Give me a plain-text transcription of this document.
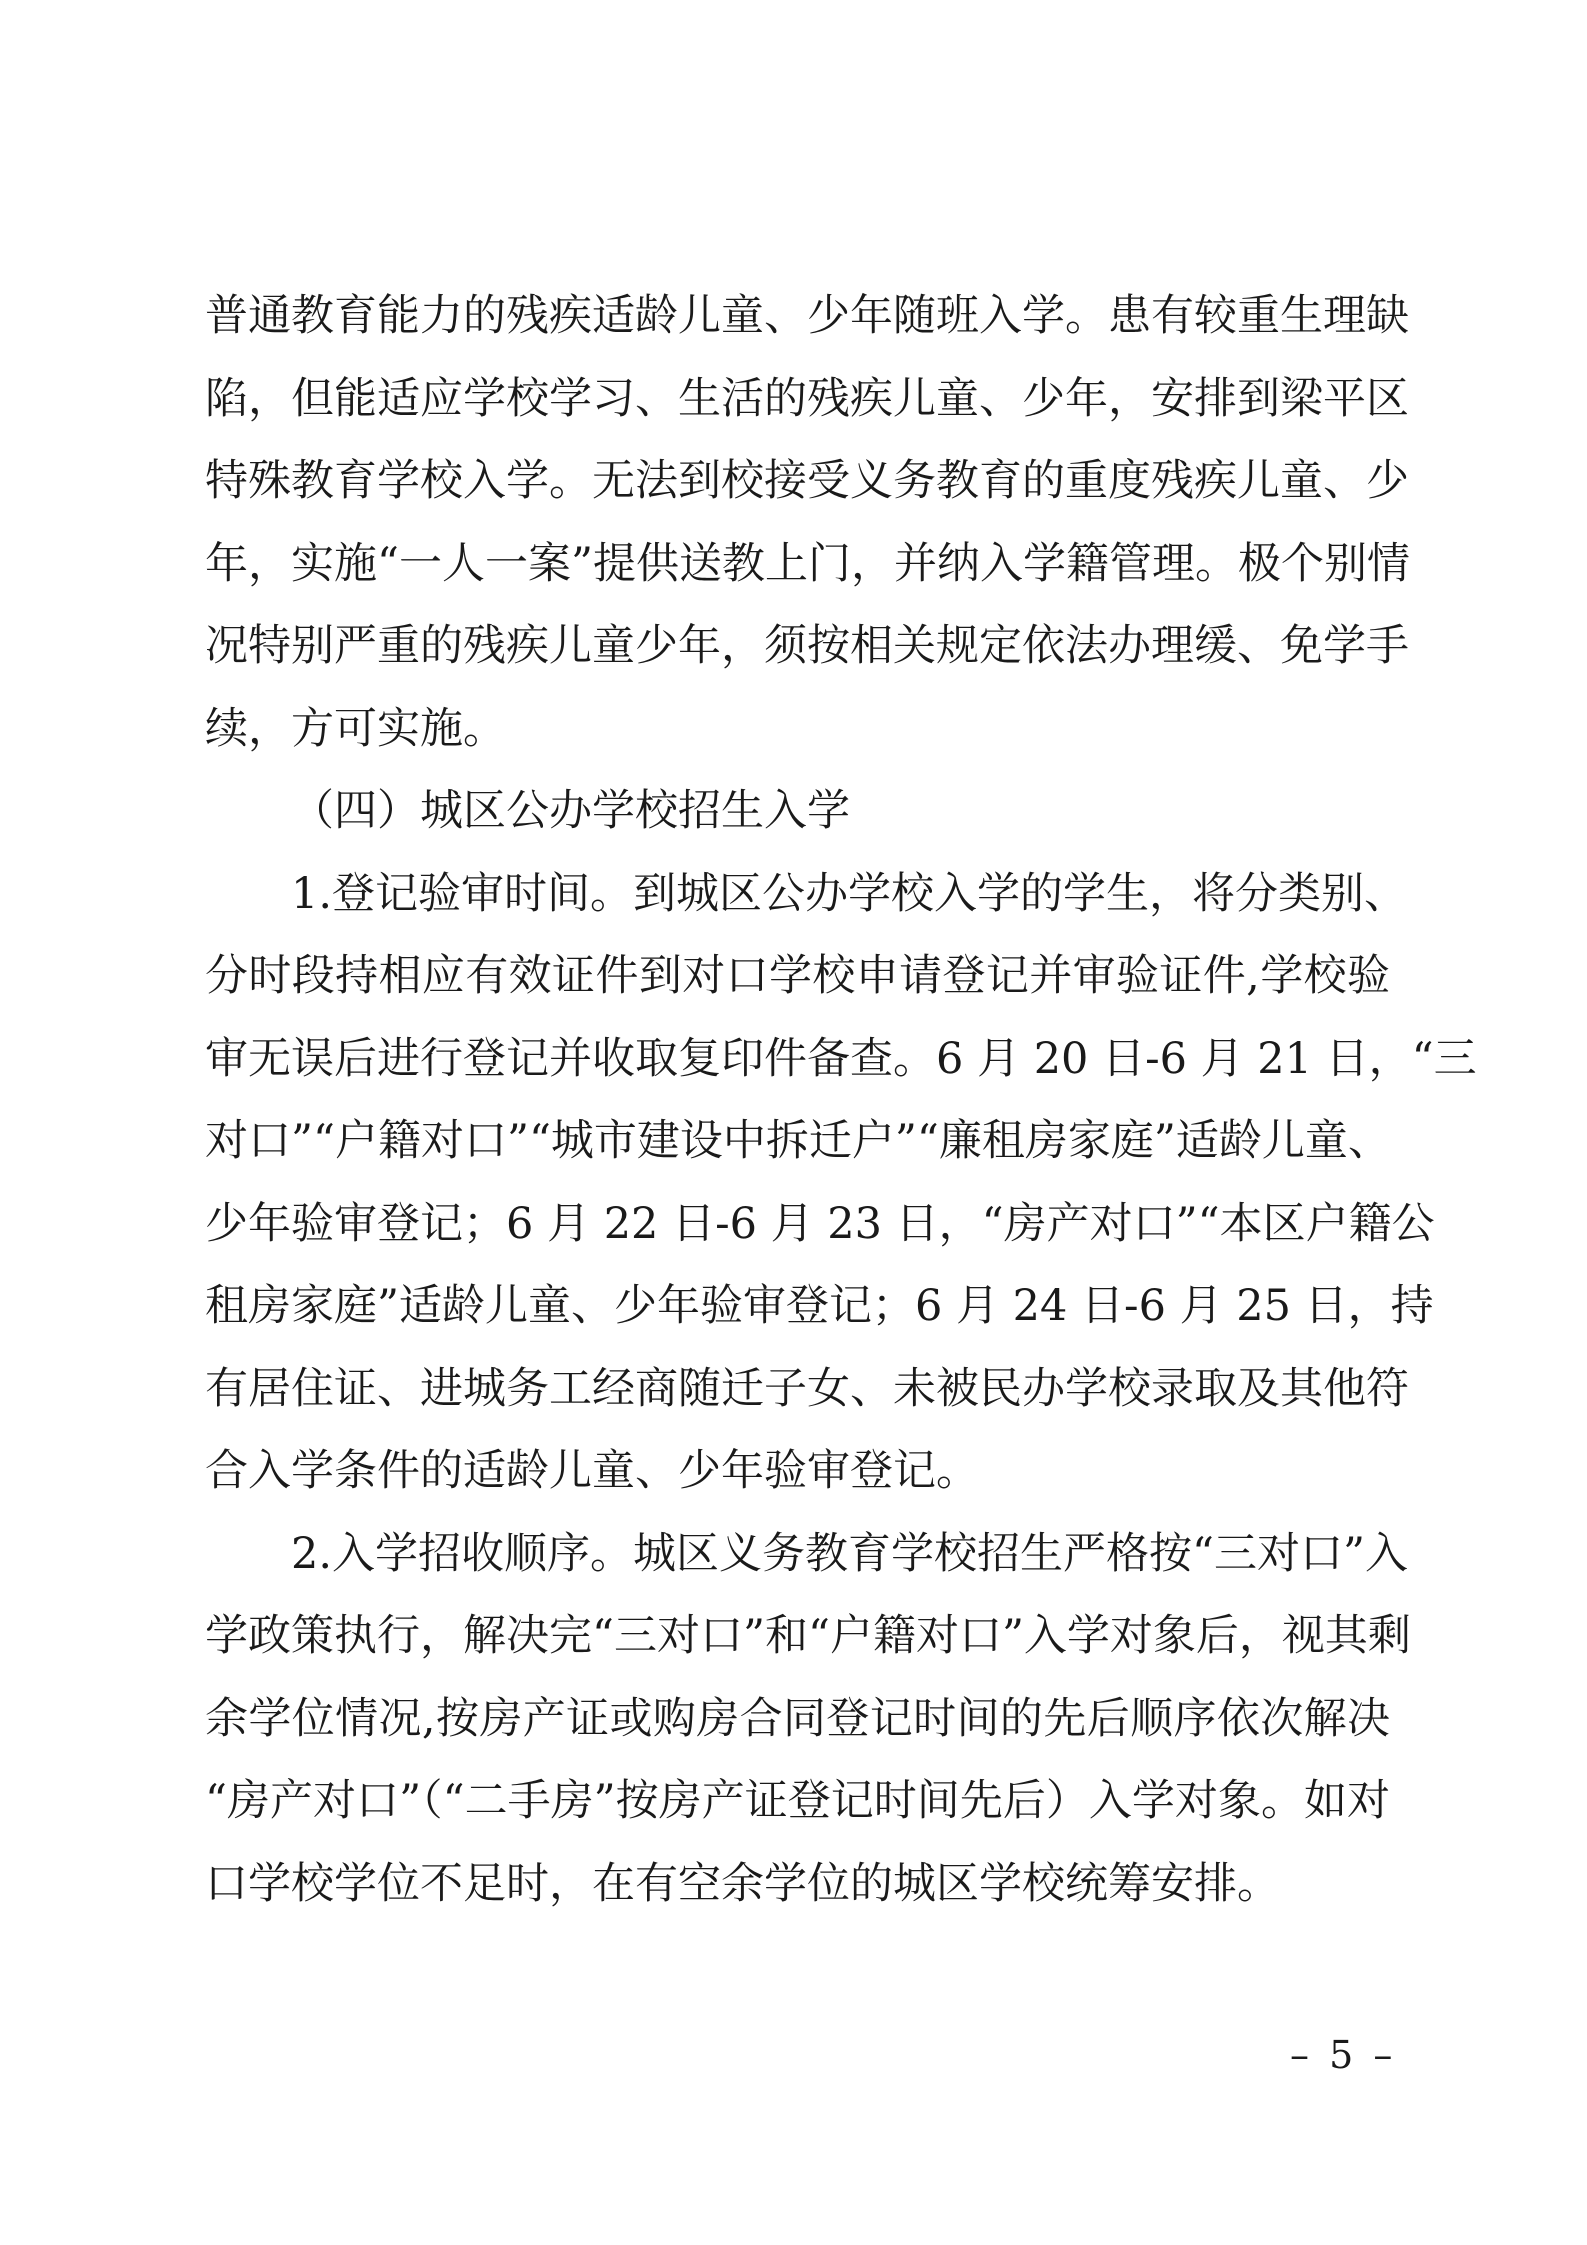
普通教育能力的残疾适龄儿童、少年随班入学。患有较重生理缺
陷，但能适应学校学习、生活的残疾儿童、少年，安排到梁平区
特殊教育学校入学。无法到校接受义务教育的重度残疾儿童、少
年，实施“一人一案”提供送教上门，并纳入学籍管理。极个别情
况特别严重的残疾儿童少年，须按相关规定依法办理缓、免学手
续，方可实施。
（四）城区公办学校招生入学
1.登记验审时间。到城区公办学校入学的学生，将分类别、
分时段持相应有效证件到对口学校申请登记并审验证件,学校验
审无误后进行登记并收取复印件备查。6 月 20 日-6 月 21 日，“三
对口”“户籍对口”“城市建设中拆迁户”“廉租房家庭”适龄儿童、
少年验审登记；6 月 22 日-6 月 23 日，“房产对口”“本区户籍公
租房家庭”适龄儿童、少年验审登记；6 月 24 日-6 月 25 日，持
有居住证、进城务工经商随迁子女、未被民办学校录取及其他符
合入学条件的适龄儿童、少年验审登记。
2.入学招收顺序。城区义务教育学校招生严格按“三对口”入
学政策执行，解决完“三对口”和“户籍对口”入学对象后，视其剩
余学位情况,按房产证或购房合同登记时间的先后顺序依次解决
“房产对口”（“二手房”按房产证登记时间先后）入学对象。如对
口学校学位不足时，在有空余学位的城区学校统筹安排。
– 5 –
